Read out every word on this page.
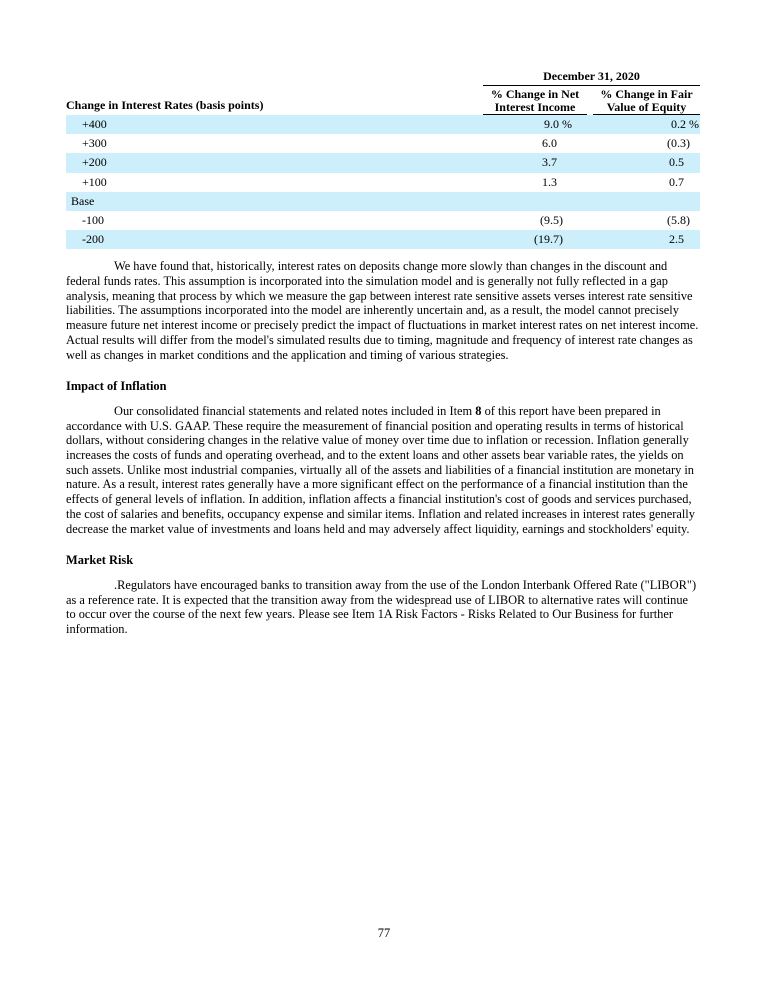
Change in Interest Rates (basis points)
December 31, 2020
% Change in Net
Interest Income
% Change in Fair
Value of Equity
+400	9.0 %	0.2 %
+300	6.0	(0.3)
+200	3.7	0.5
+100	1.3	0.7
Base
-100	(9.5)	(5.8)
-200	(19.7)	2.5

We have found that, historically, interest rates on deposits change more slowly than changes in the discount and federal funds rates. This assumption is incorporated into the simulation model and is generally not fully reflected in a gap analysis, meaning that process by which we measure the gap between interest rate sensitive assets verses interest rate sensitive liabilities. The assumptions incorporated into the model are inherently uncertain and, as a result, the model cannot precisely measure future net interest income or precisely predict the impact of fluctuations in market interest rates on net interest income. Actual results will differ from the model's simulated results due to timing, magnitude and frequency of interest rate changes as well as changes in market conditions and the application and timing of various strategies.

Impact of Inflation

Our consolidated financial statements and related notes included in Item 8 of this report have been prepared in accordance with U.S. GAAP. These require the measurement of financial position and operating results in terms of historical dollars, without considering changes in the relative value of money over time due to inflation or recession. Inflation generally increases the costs of funds and operating overhead, and to the extent loans and other assets bear variable rates, the yields on such assets. Unlike most industrial companies, virtually all of the assets and liabilities of a financial institution are monetary in nature. As a result, interest rates generally have a more significant effect on the performance of a financial institution than the effects of general levels of inflation. In addition, inflation affects a financial institution's cost of goods and services purchased, the cost of salaries and benefits, occupancy expense and similar items. Inflation and related increases in interest rates generally decrease the market value of investments and loans held and may adversely affect liquidity, earnings and stockholders' equity.

Market Risk

.Regulators have encouraged banks to transition away from the use of the London Interbank Offered Rate ("LIBOR") as a reference rate. It is expected that the transition away from the widespread use of LIBOR to alternative rates will continue to occur over the course of the next few years. Please see Item 1A Risk Factors - Risks Related to Our Business for further information.

77
